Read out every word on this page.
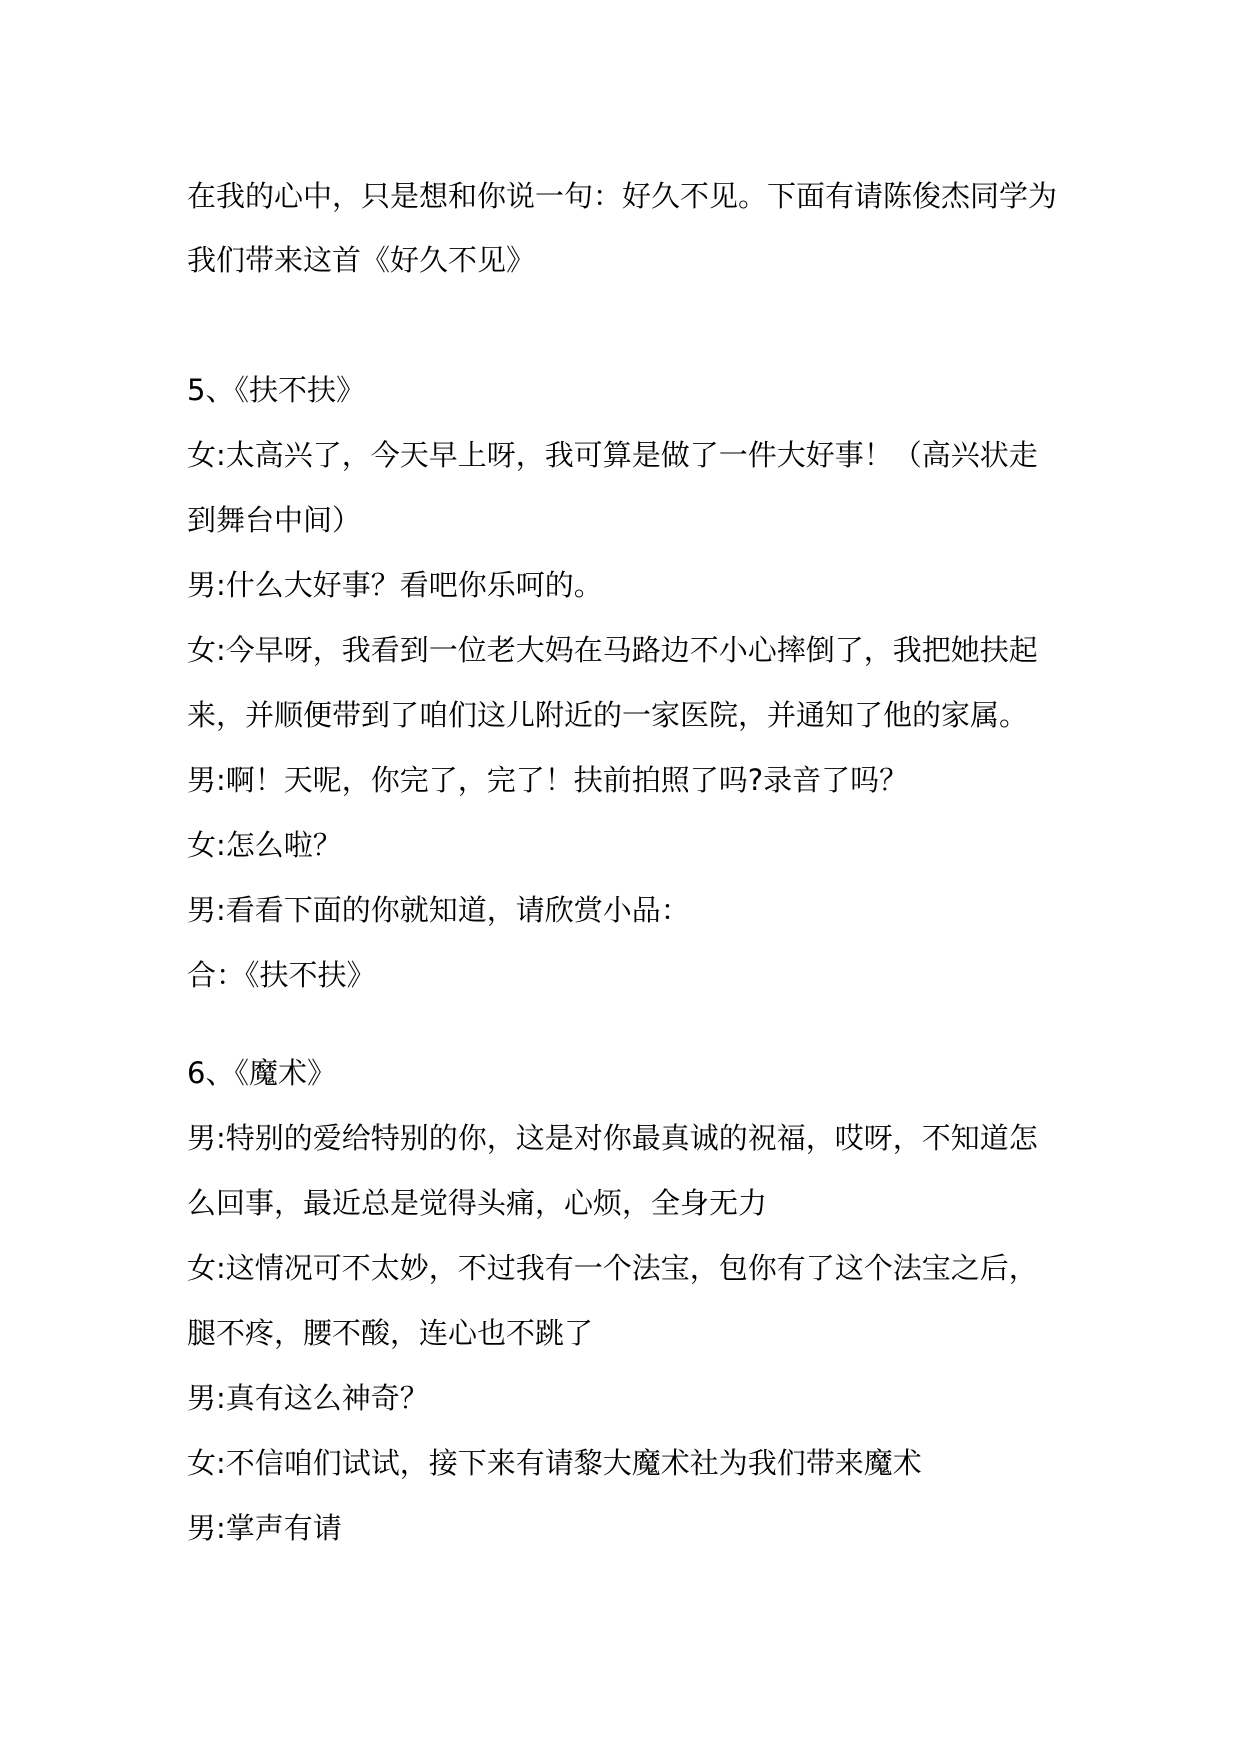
在我的心中，只是想和你说一句：好久不见。下面有请陈俊杰同学为
我们带来这首《好久不见》
5、《扶不扶》
女:太高兴了，今天早上呀，我可算是做了一件大好事！（高兴状走
到舞台中间）
男:什么大好事？看吧你乐呵的。
女:今早呀，我看到一位老大妈在马路边不小心摔倒了，我把她扶起
来，并顺便带到了咱们这儿附近的一家医院，并通知了他的家属。
男:啊！天呢，你完了，完了！扶前拍照了吗?录音了吗？
女:怎么啦？
男:看看下面的你就知道，请欣赏小品：
合：《扶不扶》
6、《魔术》
男:特别的爱给特别的你，这是对你最真诚的祝福，哎呀，不知道怎
么回事，最近总是觉得头痛，心烦，全身无力
女:这情况可不太妙，不过我有一个法宝，包你有了这个法宝之后，
腿不疼，腰不酸，连心也不跳了
男:真有这么神奇？
女:不信咱们试试，接下来有请黎大魔术社为我们带来魔术
男:掌声有请
